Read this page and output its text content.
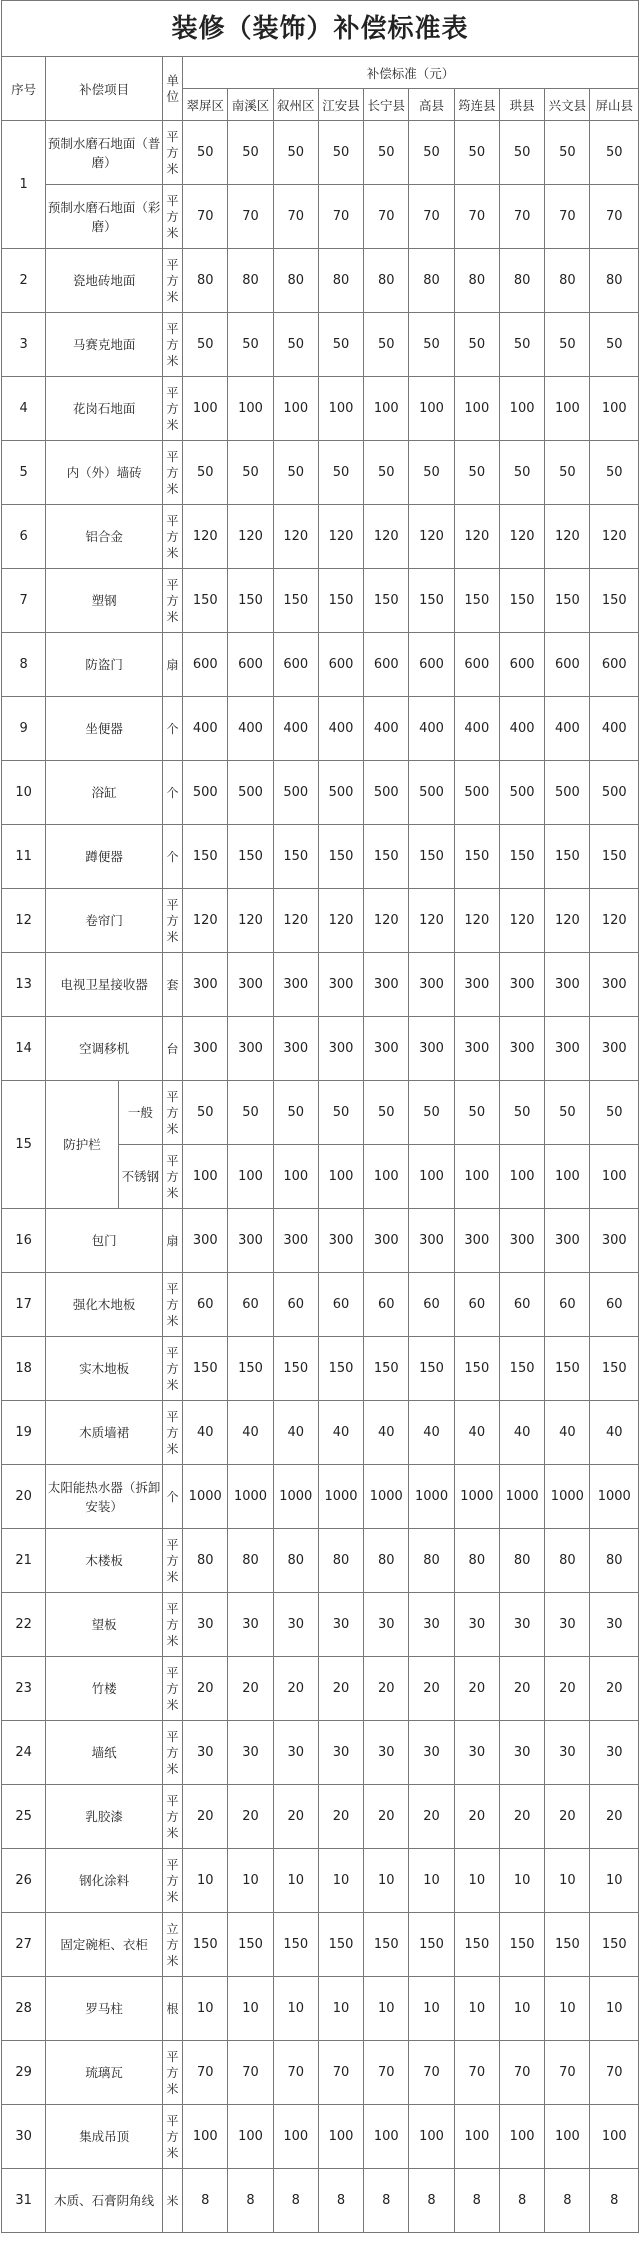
装修（装饰）补偿标准表
序号	补偿项目		单位	补偿标准（元）									
				翠屏区	南溪区	叙州区	江安县	长宁县	高县	筠连县	珙县	兴文县	屏山县
1	预制水磨石地面（普磨）		平方米	50	50	50	50	50	50	50	50	50	50
	预制水磨石地面（彩磨）		平方米	70	70	70	70	70	70	70	70	70	70
2	瓷地砖地面		平方米	80	80	80	80	80	80	80	80	80	80
3	马赛克地面		平方米	50	50	50	50	50	50	50	50	50	50
4	花岗石地面		平方米	100	100	100	100	100	100	100	100	100	100
5	内（外）墙砖		平方米	50	50	50	50	50	50	50	50	50	50
6	铝合金		平方米	120	120	120	120	120	120	120	120	120	120
7	塑钢		平方米	150	150	150	150	150	150	150	150	150	150
8	防盗门		扇	600	600	600	600	600	600	600	600	600	600
9	坐便器		个	400	400	400	400	400	400	400	400	400	400
10	浴缸		个	500	500	500	500	500	500	500	500	500	500
11	蹲便器		个	150	150	150	150	150	150	150	150	150	150
12	卷帘门		平方米	120	120	120	120	120	120	120	120	120	120
13	电视卫星接收器		套	300	300	300	300	300	300	300	300	300	300
14	空调移机		台	300	300	300	300	300	300	300	300	300	300
15	防护栏	一般	平方米	50	50	50	50	50	50	50	50	50	50
		不锈钢	平方米	100	100	100	100	100	100	100	100	100	100
16	包门		扇	300	300	300	300	300	300	300	300	300	300
17	强化木地板		平方米	60	60	60	60	60	60	60	60	60	60
18	实木地板		平方米	150	150	150	150	150	150	150	150	150	150
19	木质墙裙		平方米	40	40	40	40	40	40	40	40	40	40
20	太阳能热水器（拆卸安装）		个	1000	1000	1000	1000	1000	1000	1000	1000	1000	1000
21	木楼板		平方米	80	80	80	80	80	80	80	80	80	80
22	望板		平方米	30	30	30	30	30	30	30	30	30	30
23	竹楼		平方米	20	20	20	20	20	20	20	20	20	20
24	墙纸		平方米	30	30	30	30	30	30	30	30	30	30
25	乳胶漆		平方米	20	20	20	20	20	20	20	20	20	20
26	钢化涂料		平方米	10	10	10	10	10	10	10	10	10	10
27	固定碗柜、衣柜		立方米	150	150	150	150	150	150	150	150	150	150
28	罗马柱		根	10	10	10	10	10	10	10	10	10	10
29	琉璃瓦		平方米	70	70	70	70	70	70	70	70	70	70
30	集成吊顶		平方米	100	100	100	100	100	100	100	100	100	100
31	木质、石膏阴角线		米	8	8	8	8	8	8	8	8	8	8
